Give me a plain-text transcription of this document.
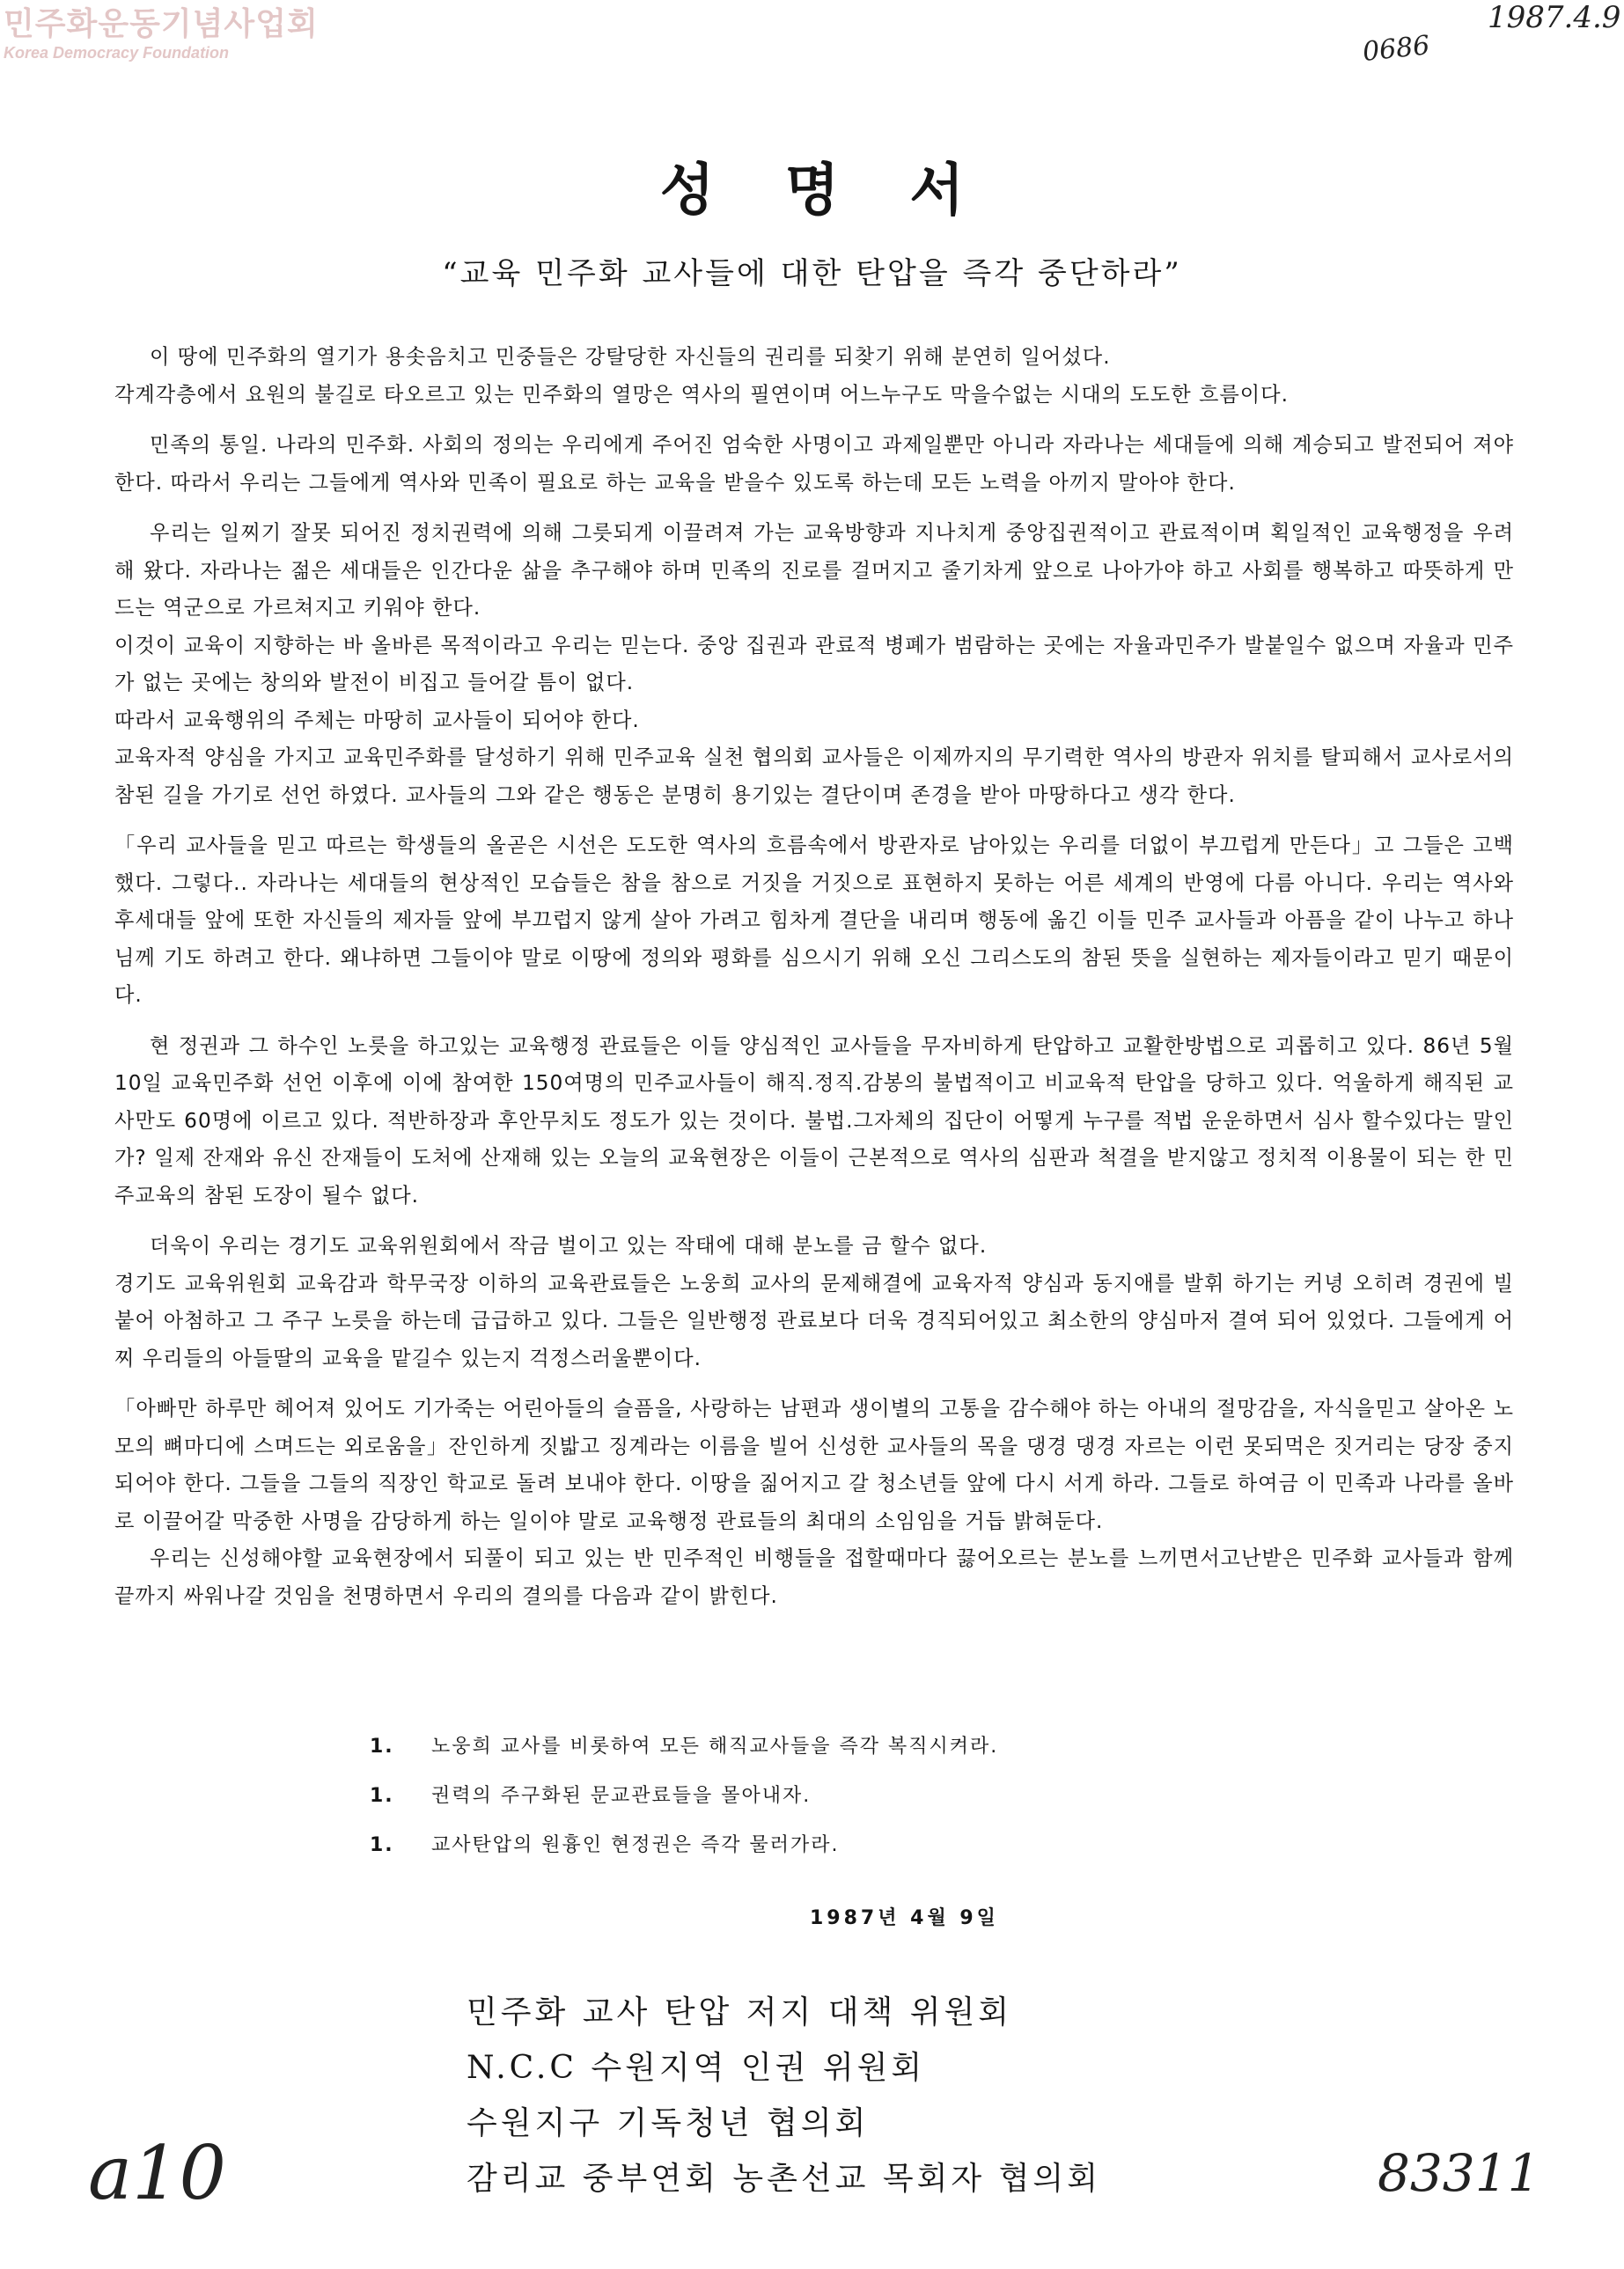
민주화운동기념사업회
Korea Democracy Foundation
1987.4.9
0686
성명서
“교육 민주화 교사들에 대한 탄압을 즉각 중단하라”

이 땅에 민주화의 열기가 용솟음치고 민중들은 강탈당한 자신들의 권리를 되찾기 위해 분연히 일어섰다.

각계각층에서 요원의 불길로 타오르고 있는 민주화의 열망은 역사의 필연이며 어느누구도 막을수없는 시대의 도도한 흐름이다.

민족의 통일. 나라의 민주화. 사회의 정의는 우리에게 주어진 엄숙한 사명이고 과제일뿐만 아니라 자라나는 세대들에 의해 계승되고 발전되어 져야 한다. 따라서 우리는 그들에게 역사와 민족이 필요로 하는 교육을 받을수 있도록 하는데 모든 노력을 아끼지 말아야 한다.

우리는 일찌기 잘못 되어진 정치권력에 의해 그릇되게 이끌려져 가는 교육방향과 지나치게 중앙집권적이고 관료적이며 획일적인 교육행정을 우려해 왔다. 자라나는 젊은 세대들은 인간다운 삶을 추구해야 하며 민족의 진로를 걸머지고 줄기차게 앞으로 나아가야 하고 사회를 행복하고 따뜻하게 만드는 역군으로 가르쳐지고 키워야 한다.

이것이 교육이 지향하는 바 올바른 목적이라고 우리는 믿는다. 중앙 집권과 관료적 병폐가 범람하는 곳에는 자율과민주가 발붙일수 없으며 자율과 민주가 없는 곳에는 창의와 발전이 비집고 들어갈 틈이 없다.

따라서 교육행위의 주체는 마땅히 교사들이 되어야 한다.

교육자적 양심을 가지고 교육민주화를 달성하기 위해 민주교육 실천 협의회 교사들은 이제까지의 무기력한 역사의 방관자 위치를 탈피해서 교사로서의 참된 길을 가기로 선언 하였다. 교사들의 그와 같은 행동은 분명히 용기있는 결단이며 존경을 받아 마땅하다고 생각 한다.

「우리 교사들을 믿고 따르는 학생들의 올곧은 시선은 도도한 역사의 흐름속에서 방관자로 남아있는 우리를 더없이 부끄럽게 만든다」고 그들은 고백했다. 그렇다.. 자라나는 세대들의 현상적인 모습들은 참을 참으로 거짓을 거짓으로 표현하지 못하는 어른 세계의 반영에 다름 아니다. 우리는 역사와 후세대들 앞에 또한 자신들의 제자들 앞에 부끄럽지 않게 살아 가려고 힘차게 결단을 내리며 행동에 옮긴 이들 민주 교사들과 아픔을 같이 나누고 하나님께 기도 하려고 한다. 왜냐하면 그들이야 말로 이땅에 정의와 평화를 심으시기 위해 오신 그리스도의 참된 뜻을 실현하는 제자들이라고 믿기 때문이다.

현 정권과 그 하수인 노릇을 하고있는 교육행정 관료들은 이들 양심적인 교사들을 무자비하게 탄압하고 교활한방법으로 괴롭히고 있다. 86년 5월10일 교육민주화 선언 이후에 이에 참여한 150여명의 민주교사들이 해직.정직.감봉의 불법적이고 비교육적 탄압을 당하고 있다. 억울하게 해직된 교사만도 60명에 이르고 있다. 적반하장과 후안무치도 정도가 있는 것이다. 불법.그자체의 집단이 어떻게 누구를 적법 운운하면서 심사 할수있다는 말인가? 일제 잔재와 유신 잔재들이 도처에 산재해 있는 오늘의 교육현장은 이들이 근본적으로 역사의 심판과 척결을 받지않고 정치적 이용물이 되는 한 민주교육의 참된 도장이 될수 없다.

더욱이 우리는 경기도 교육위원회에서 작금 벌이고 있는 작태에 대해 분노를 금 할수 없다.

경기도 교육위원회 교육감과 학무국장 이하의 교육관료들은 노웅희 교사의 문제해결에 교육자적 양심과 동지애를 발휘 하기는 커녕 오히려 경권에 빌 붙어 아첨하고 그 주구 노릇을 하는데 급급하고 있다. 그들은 일반행정 관료보다 더욱 경직되어있고 최소한의 양심마저 결여 되어 있었다. 그들에게 어찌 우리들의 아들딸의 교육을 맡길수 있는지 걱정스러울뿐이다.

「아빠만 하루만 헤어져 있어도 기가죽는 어린아들의 슬픔을, 사랑하는 남편과 생이별의 고통을 감수해야 하는 아내의 절망감을, 자식을믿고 살아온 노모의 뼈마디에 스며드는 외로움을」잔인하게 짓밟고 징계라는 이름을 빌어 신성한 교사들의 목을 댕경 댕경 자르는 이런 못되먹은 짓거리는 당장 중지되어야 한다. 그들을 그들의 직장인 학교로 돌려 보내야 한다. 이땅을 짊어지고 갈 청소년들 앞에 다시 서게 하라. 그들로 하여금 이 민족과 나라를 올바로 이끌어갈 막중한 사명을 감당하게 하는 일이야 말로 교육행정 관료들의 최대의 소임임을 거듭 밝혀둔다.

우리는 신성해야할 교육현장에서 되풀이 되고 있는 반 민주적인 비행들을 접할때마다 끓어오르는 분노를 느끼면서고난받은 민주화 교사들과 함께 끝까지 싸워나갈 것임을 천명하면서 우리의 결의를 다음과 같이 밝힌다.

1. 노웅희 교사를 비롯하여 모든 해직교사들을 즉각 복직시켜라.
1. 권력의 주구화된 문교관료들을 몰아내자.
1. 교사탄압의 원흉인 현정권은 즉각 물러가라.
1987년 4월 9일
민주화 교사 탄압 저지 대책 위원회
N.C.C 수원지역 인권 위원회
수원지구 기독청년 협의회
감리교 중부연회 농촌선교 목회자 협의회
a10	83311
